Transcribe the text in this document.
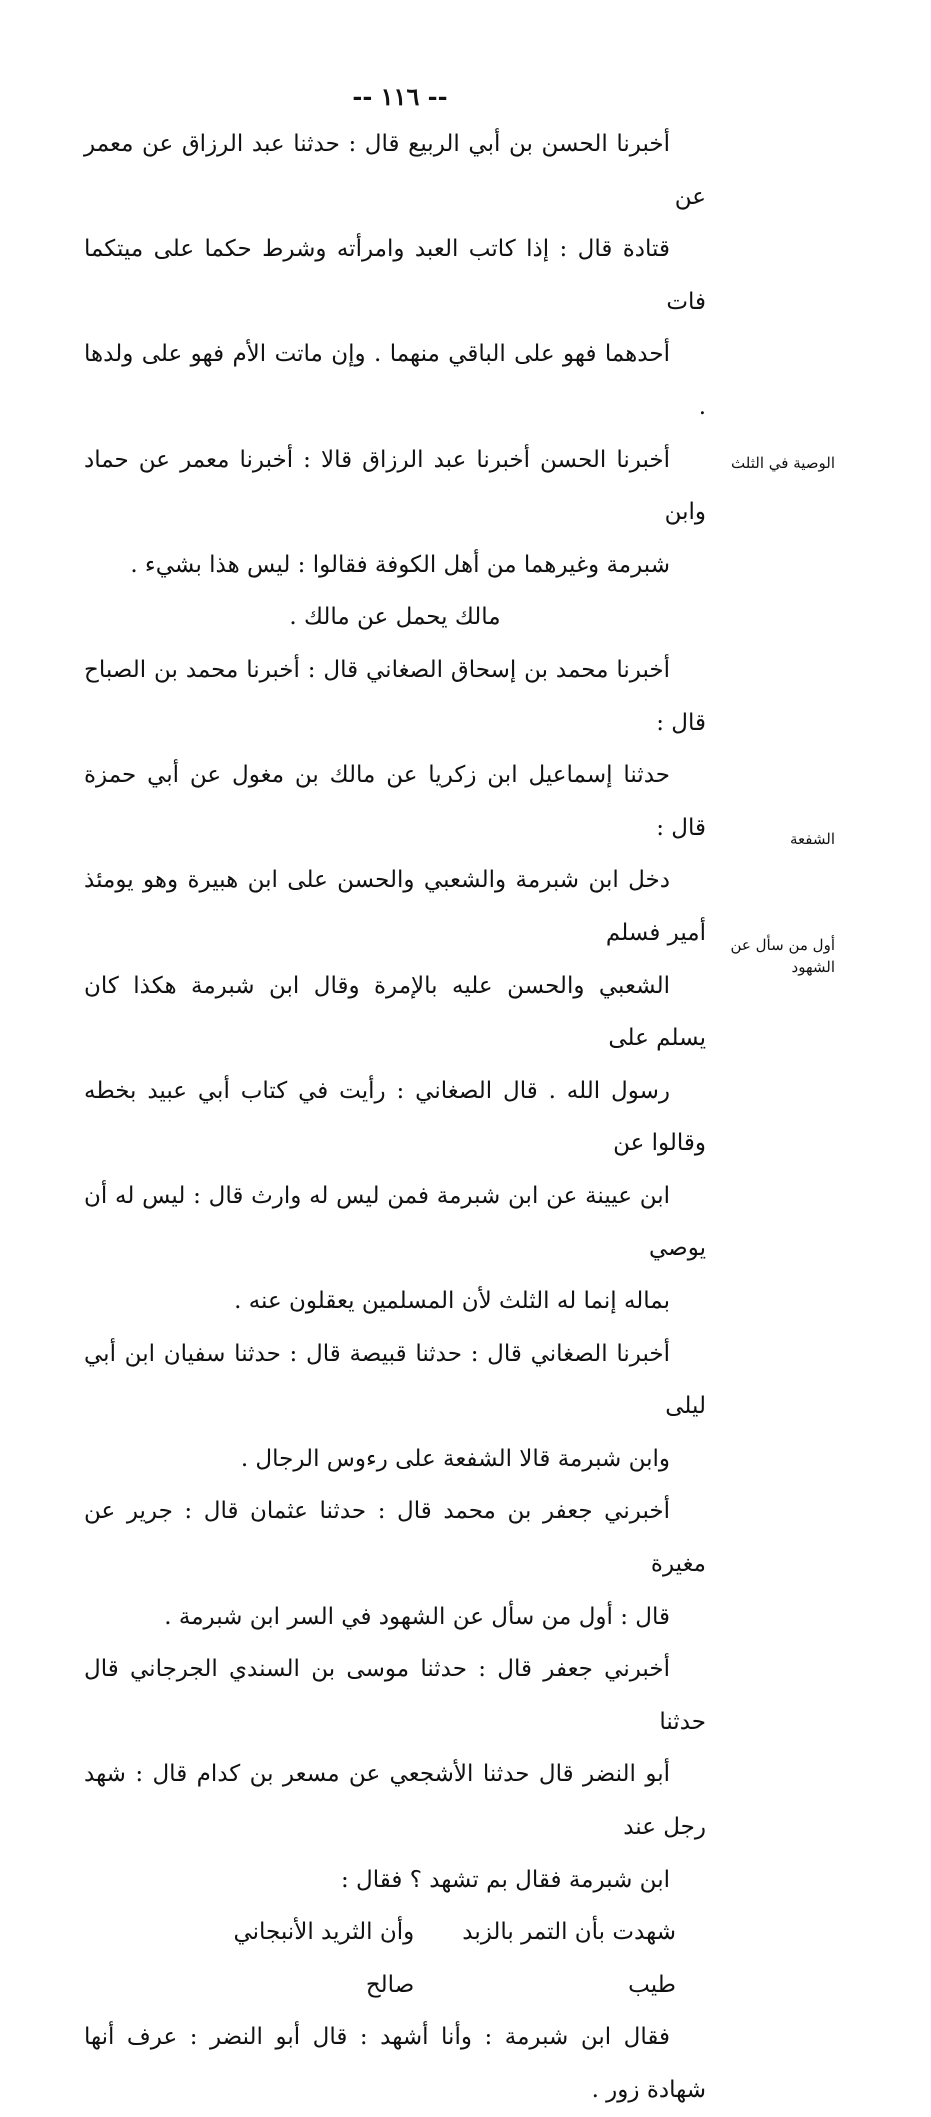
-- ١١٦ --
الوصية في الثلث
الشفعة
أول من سأل عن الشهود

أخبرنا الحسن بن أبي الربيع قال : حدثنا عبد الرزاق عن معمر عن
قتادة قال : إذا كاتب العبد وامرأته وشرط حكما على ميتكما فات
أحدهما فهو على الباقي منهما . وإن ماتت الأم فهو على ولدها .

أخبرنا الحسن أخبرنا عبد الرزاق قالا : أخبرنا معمر عن حماد وابن
شبرمة وغيرهما من أهل الكوفة فقالوا : ليس هذا بشيء .

مالك يحمل عن مالك .

أخبرنا محمد بن إسحاق الصغاني قال : أخبرنا محمد بن الصباح قال :
حدثنا إسماعيل ابن زكريا عن مالك بن مغول عن أبي حمزة قال :
دخل ابن شبرمة والشعبي والحسن على ابن هبيرة وهو يومئذ أمير فسلم
الشعبي والحسن عليه بالإمرة وقال ابن شبرمة هكذا كان يسلم على
رسول الله . قال الصغاني : رأيت في كتاب أبي عبيد بخطه وقالوا عن
ابن عيينة عن ابن شبرمة فمن ليس له وارث قال : ليس له أن يوصي
بماله إنما له الثلث لأن المسلمين يعقلون عنه .

أخبرنا الصغاني قال : حدثنا قبيصة قال : حدثنا سفيان ابن أبي ليلى
وابن شبرمة قالا الشفعة على رءوس الرجال .

أخبرني جعفر بن محمد قال : حدثنا عثمان قال : جرير عن مغيرة
قال : أول من سأل عن الشهود في السر ابن شبرمة .

أخبرني جعفر قال : حدثنا موسى بن السندي الجرجاني قال حدثنا
أبو النضر قال حدثنا الأشجعي عن مسعر بن كدام قال : شهد رجل عند
ابن شبرمة فقال بم تشهد ؟ فقال :

شهدت بأن التمر بالزبد طيب
وأن الثريد الأنبجاني صالح

فقال ابن شبرمة : وأنا أشهد : قال أبو النضر : عرف أنها شهادة زور .
